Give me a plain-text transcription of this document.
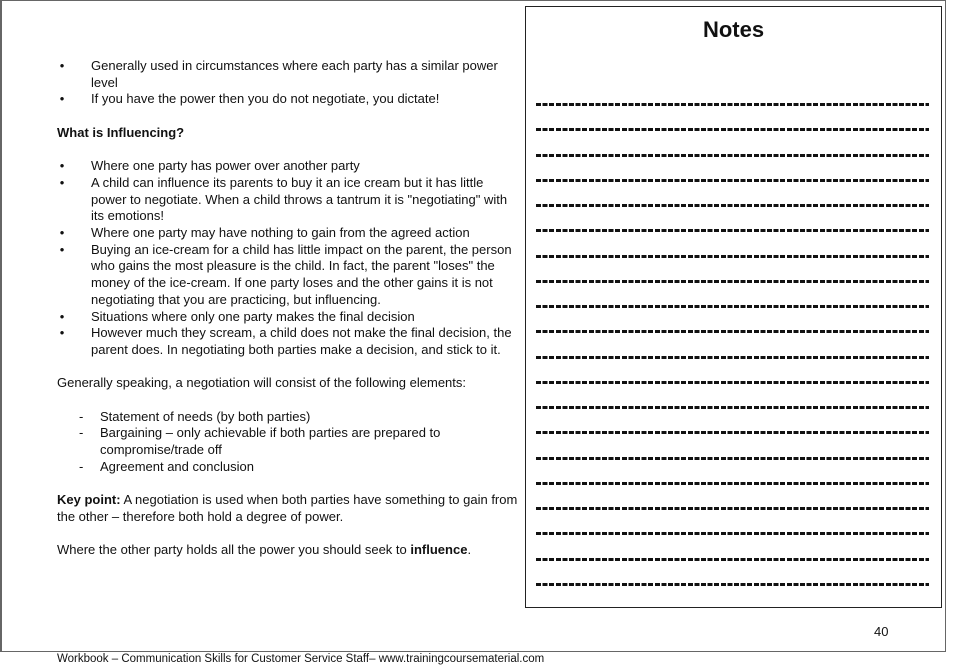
• Generally used in circumstances where each party has a similar power level
• If you have the power then you do not negotiate, you dictate!

What is Influencing?

• Where one party has power over another party
• A child can influence its parents to buy it an ice cream but it has little power to negotiate. When a child throws a tantrum it is "negotiating" with its emotions!
• Where one party may have nothing to gain from the agreed action
• Buying an ice-cream for a child has little impact on the parent, the person who gains the most pleasure is the child. In fact, the parent "loses" the money of the ice-cream. If one party loses and the other gains it is not negotiating that you are practicing, but influencing.
• Situations where only one party makes the final decision
• However much they scream, a child does not make the final decision, the parent does. In negotiating both parties make a decision, and stick to it.

Generally speaking, a negotiation will consist of the following elements:

- Statement of needs (by both parties)
- Bargaining – only achievable if both parties are prepared to compromise/trade off
- Agreement and conclusion

Key point: A negotiation is used when both parties have something to gain from the other – therefore both hold a degree of power.

Where the other party holds all the power you should seek to influence.

Notes
40
Workbook – Communication Skills for Customer Service Staff– www.trainingcoursematerial.com
